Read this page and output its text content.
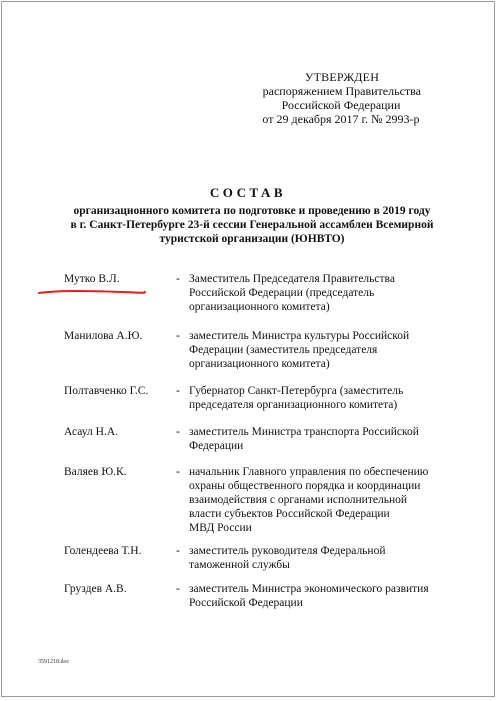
УТВЕРЖДЕН
распоряжением Правительства
Российской Федерации
от 29 декабря 2017 г. № 2993-р
СОСТАВ
организационного комитета по подготовке и проведению в 2019 году
в г. Санкт-Петербурге 23-й сессии Генеральной ассамблеи Всемирной
туристской организации (ЮНВТО)
Мутко В.Л.	- Заместитель Председателя Правительства
Российской Федерации (председатель
организационного комитета)
Манилова А.Ю.	- заместитель Министра культуры Российской
Федерации (заместитель председателя
организационного комитета)
Полтавченко Г.С.	- Губернатор Санкт-Петербурга (заместитель
председателя организационного комитета)
Асаул Н.А.	- заместитель Министра транспорта Российской
Федерации
Валяев Ю.К.	- начальник Главного управления по обеспечению
охраны общественного порядка и координации
взаимодействия с органами исполнительной
власти субъектов Российской Федерации
МВД России
Голендеева Т.Н.	- заместитель руководителя Федеральной
таможенной службы
Груздев А.В.	- заместитель Министра экономического развития
Российской Федерации
3591218.doc
